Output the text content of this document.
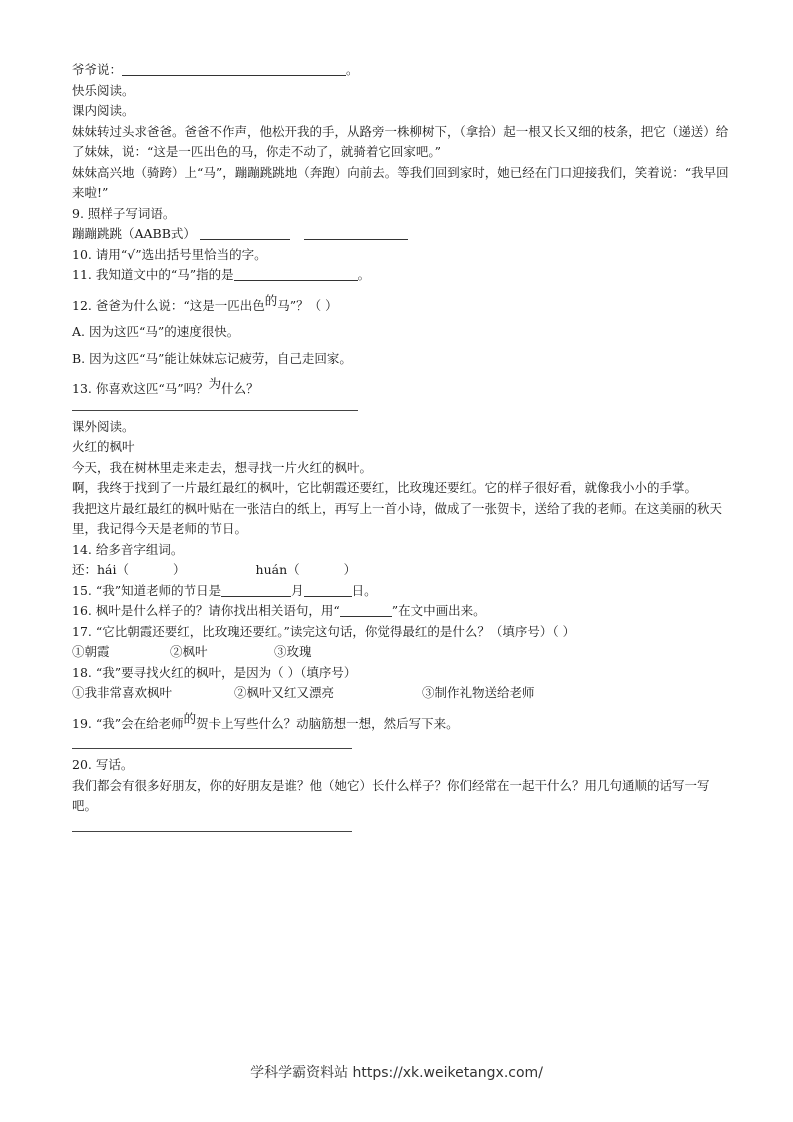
爷爷说：	。
快乐阅读。
课内阅读。
妹妹转过头求爸爸。爸爸不作声，他松开我的手，从路旁一株柳树下，（拿拾）起一根又长又细的枝条，把它（递送）给了妹妹，说：“这是一匹出色的马，你走不动了，就骑着它回家吧。”
妹妹高兴地（骑跨）上“马”，蹦蹦跳跳地（奔跑）向前去。等我们回到家时，她已经在门口迎接我们，笑着说：“我早回来啦!”
9. 照样子写词语。
蹦蹦跳跳（AABB式）
10. 请用“√”选出括号里恰当的字。
11. 我知道文中的“马”指的是	。
12. 爸爸为什么说：“这是一匹出色的马”？（ ）
A. 因为这匹“马”的速度很快。
B. 因为这匹“马”能让妹妹忘记疲劳，自己走回家。
13. 你喜欢这匹“马”吗？为什么？
课外阅读。
火红的枫叶
今天，我在树林里走来走去，想寻找一片火红的枫叶。
啊，我终于找到了一片最红最红的枫叶，它比朝霞还要红，比玫瑰还要红。它的样子很好看，就像我小小的手掌。
我把这片最红最红的枫叶贴在一张洁白的纸上，再写上一首小诗，做成了一张贺卡，送给了我的老师。在这美丽的秋天里，我记得今天是老师的节日。
14. 给多音字组词。
还：hái（	）	huán（	）
15. “我”知道老师的节日是	月	日。
16. 枫叶是什么样子的？请你找出相关语句，用“	”在文中画出来。
17. “它比朝霞还要红，比玫瑰还要红。”读完这句话，你觉得最红的是什么？（填序号）（ ）
①朝霞	②枫叶	③玫瑰
18. “我”要寻找火红的枫叶，是因为（ ）（填序号）
①我非常喜欢枫叶	②枫叶又红又漂亮	③制作礼物送给老师
19. “我”会在给老师的贺卡上写些什么？动脑筋想一想，然后写下来。
20. 写话。
我们都会有很多好朋友，你的好朋友是谁？他（她它）长什么样子？你们经常在一起干什么？用几句通顺的话写一写吧。
学科学霸资料站 https://xk.weiketangx.com/
